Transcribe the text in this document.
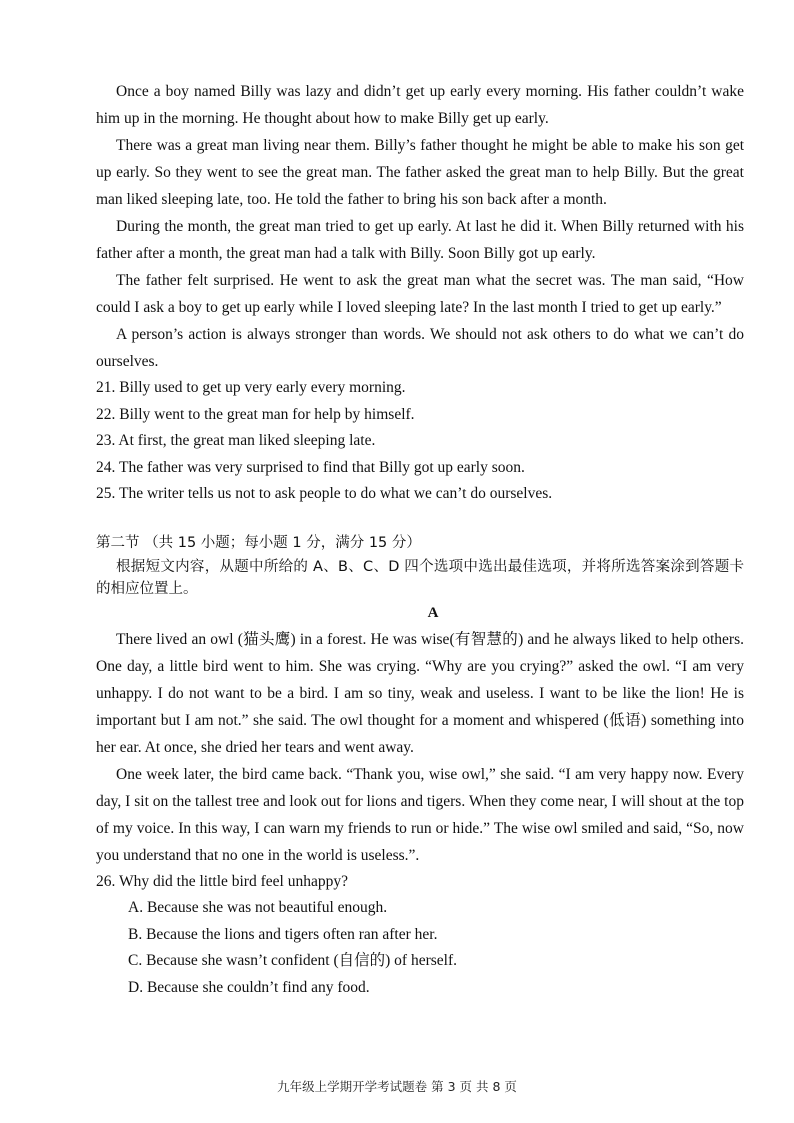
Once a boy named Billy was lazy and didn’t get up early every morning. His father couldn’t wake him up in the morning. He thought about how to make Billy get up early.

There was a great man living near them. Billy’s father thought he might be able to make his son get up early. So they went to see the great man. The father asked the great man to help Billy. But the great man liked sleeping late, too. He told the father to bring his son back after a month.

During the month, the great man tried to get up early. At last he did it. When Billy returned with his father after a month, the great man had a talk with Billy. Soon Billy got up early.

The father felt surprised. He went to ask the great man what the secret was. The man said, “How could I ask a boy to get up early while I loved sleeping late? In the last month I tried to get up early.”

A person’s action is always stronger than words. We should not ask others to do what we can’t do ourselves.

21. Billy used to get up very early every morning.

22. Billy went to the great man for help by himself.

23. At first, the great man liked sleeping late.

24. The father was very surprised to find that Billy got up early soon.

25. The writer tells us not to ask people to do what we can’t do ourselves.

第二节 （共 15 小题；每小题 1 分，满分 15 分）
根据短文内容，从题中所给的 A、B、C、D 四个选项中选出最佳选项，并将所选答案涂到答题卡的相应位置上。
A

There lived an owl (猫头鹰) in a forest. He was wise(有智慧的) and he always liked to help others. One day, a little bird went to him. She was crying. “Why are you crying?” asked the owl. “I am very unhappy. I do not want to be a bird. I am so tiny, weak and useless. I want to be like the lion! He is important but I am not.” she said. The owl thought for a moment and whispered (低语) something into her ear. At once, she dried her tears and went away.

One week later, the bird came back. “Thank you, wise owl,” she said. “I am very happy now. Every day, I sit on the tallest tree and look out for lions and tigers. When they come near, I will shout at the top of my voice. In this way, I can warn my friends to run or hide.” The wise owl smiled and said, “So, now you understand that no one in the world is useless.”.

26. Why did the little bird feel unhappy?

A. Because she was not beautiful enough.

B. Because the lions and tigers often ran after her.

C. Because she wasn’t confident (自信的) of herself.

D. Because she couldn’t find any food.

九年级上学期开学考试题卷 第 3 页 共 8 页
